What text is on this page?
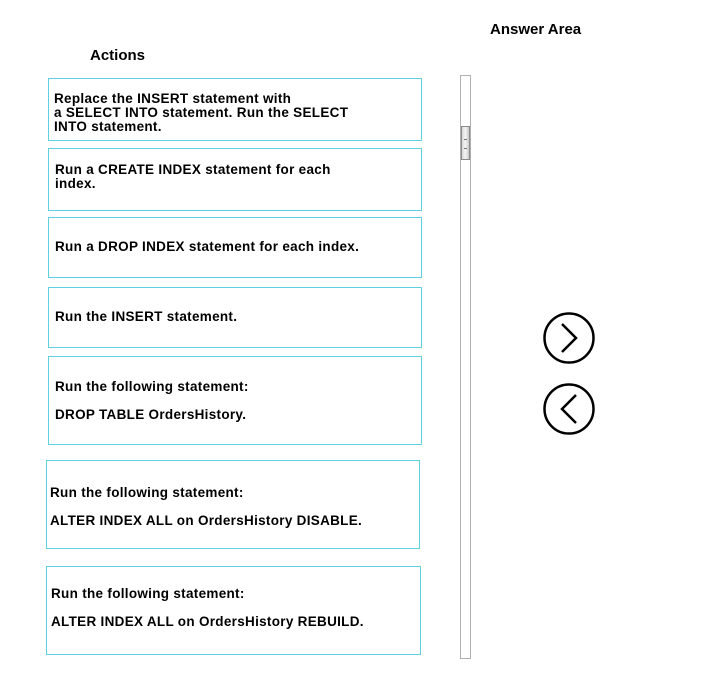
Actions
Answer Area
Replace the INSERT statement with
a SELECT INTO statement. Run the SELECT
INTO statement.
Run a CREATE INDEX statement for each
index.
Run a DROP INDEX statement for each index.
Run the INSERT statement.
Run the following statement:
DROP TABLE OrdersHistory.
Run the following statement:
ALTER INDEX ALL on OrdersHistory DISABLE.
Run the following statement:
ALTER INDEX ALL on OrdersHistory REBUILD.
